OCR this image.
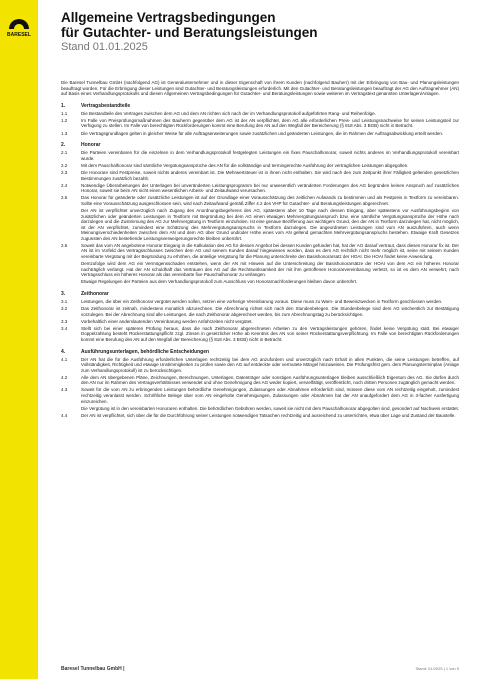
BARESEL
Allgemeine Vertragsbedingungen
für Gutachter- und Beratungsleistungen
Stand 01.01.2025
Die Baresel Tunnelbau GmbH (nachfolgend AG) ist Generalunternehmer und in dieser Eigenschaft von ihrem Kunden (nachfolgend Bauherr) mit der Erbringung von Bau- und Planungsleistungen beauftragt worden. Für die Erbringung dieser Leistungen sind Gutachter- und Beratungsleistungen erforderlich. Mit den Gutachter- und Beratungsleistungen beauftragt der AG den Auftragnehmer (AN) auf Basis eines Verhandlungsprotokolls und diesen Allgemeinen Vertragsbedingungen für Gutachter- und Beratungsleistungen sowie weiteren im Vertragstext genannten Unterlagen/Anlagen.
1.	Vertragsbestandteile
1.1	Die Bestandteile des Vertrages zwischen dem AG und dem AN richten sich nach der im Verhandlungsprotokoll aufgeführten Rang- und Reihenfolge.
1.2	Im Falle von Preisprüfungsmaßnahmen des Bauherrn gegenüber dem AG ist der AN verpflichtet, dem AG alle erforderlichen Preis- und Leistungsnachweise für seinen Leistungsteil zur Verfügung zu stellen. Im Falle von berechtigten Rückforderungen kommt eine Berufung des AN auf den Wegfall der Bereicherung (§ 818 Abs. 3 BGB) nicht in Betracht.
1.3	Die Vertragsgrundlagen gelten in gleicher Weise für alle Auftragserweiterungen sowie zusätzlichen und geänderten Leistungen, die im Rahmen der Auftragsabwicklung erteilt werden.
2.	Honorar
2.1	Die Parteien vereinbaren für die einzelnen in dem Verhandlungsprotokoll festgelegten Leistungen ein fixes Pauschalhonorar, soweit nichts anderes im Verhandlungsprotokoll vereinbart wurde.
2.2	Mit dem Pauschalhonorar sind sämtliche Vergütungsansprüche des AN für die vollständige und termingerechte Ausführung der vertraglichen Leistungen abgegolten.
2.3	Die Honorare sind Festpreise, soweit nichts anderes vereinbart ist. Die Mehrwertsteuer ist in ihnen nicht enthalten. Sie wird nach den zum Zeitpunkt ihrer Fälligkeit geltenden gesetzlichen Bestimmungen zusätzlich bezahlt.
2.4	Notwendige Überarbeitungen der Unterlagen bei unveränderten Leistungsprogramm bei nur unwesentlich veränderten Forderungen des AG begründen keinen Anspruch auf zusätzliches Honorar, soweit sie beim AN nicht einen wesentlichen Arbeits- und Zeitaufwand verursachen.
2.5	Das Honorar für geänderte oder zusätzliche Leistungen ist auf der Grundlage einer Vorausschätzung des zeitlichen Aufwands zu bestimmen und als Festpreis in Textform zu vereinbaren. Sollte eine Vorausschätzung ausgeschlossen sein, wird nach Zeitaufwand gemäß Ziffer 4.2 des VHP für Gutachter- und Beratungsleistungen abgerechnet.
Der AN ist verpflichtet unverzüglich nach Zugang des Anordnungsbegehrens des AG, spätestens aber 10 Tage nach dessen Eingang, aber spätestens vor Ausführungsbeginn von zusätzlichen oder geänderten Leistungen in Textform mit Begründung bei dem AG einen etwaigen Mehrvergütungsanspruch bzw. eine sämtliche Vergütungsansprüche der Höhe nach darzulegen und die Zustimmung des AG zur Mehrvergütung in Textform einzuholen. Ist eine genaue Bezifferung aus wichtigem Grund, den der AN in Textform darzulegen hat, nicht möglich, ist der AN verpflichtet, zumindest eine Schätzung des Mehrvergütungsanspruchs in Textform darzulegen. Die angeordneten Leistungen sind vom AN auszuführen, auch wenn Meinungsverschiedenheiten zwischen dem AN und dem AG über Grund und/oder Höhe eines vom AN geltend gemachten Mehrvergütungsanspruchs bestehen. Etwaige Kraft Gesetzes zugunsten des AN bestehende Leistungsverweigerungsrechte bleiben unberührt.
2.6	Soweit das vom AN angebotene Honorar Eingang in die Kalkulation des AG für dessen Angebot bei dessen Kunden gefunden hat, hat der AG darauf vertraut, dass dieses Honorar fix ist. Der AN ist im Vorfeld des Vertragsschlusses zwischen dem AG und seinem Kunden darauf hingewiesen worden, dass es dem AG rechtlich nicht mehr möglich ist, seine mit seinem Kunden vereinbarte Vergütung mit der Begründung zu erhöhen, die anteilige Vergütung für die Planung unterschreite den Basishonorarsatz der HOAI. Die HOAI findet keine Anwendung.
Demzufolge wird dem AG ein Vermögensschaden entstehen, wenn der AN mit Hinweis auf die Unterschreitung der Basishonorarsätze der HOAI von dem AG ein höheres Honorar nachträglich verlangt. Hat der AN schuldhaft das Vertrauen des AG auf die Rechtswirksamkeit der mit ihm getroffenen Honorarvereinbarung verletzt, so ist es dem AN verwehrt, nach Vertragsschluss ein höheres Honorar als das vereinbarte fixe Pauschalhonorar zu verlangen.
Etwaige Regelungen der Parteien aus dem Verhandlungsprotokoll zum Ausschluss von Honorarnachforderungen bleiben davon unberührt.
3.	Zeithonorar
3.1	Leistungen, die über ein Zeithonorar vergütet werden sollen, setzen eine vorherige Vereinbarung voraus. Diese muss zu Warn- und Beweiszwecken in Textform geschlossen werden.
3.2	Das Zeithonorar ist zeitnah, mindestens monatlich abzurechnen. Die Abrechnung richtet sich nach den Stundenbelegen. Die Stundenbelege sind dem AG wöchentlich zur Bestätigung vorzulegen. Bei der Abrechnung sind alle Leistungen, die nach Zeithonorar abgerechnet werden, bis zum Abrechnungstag zu berücksichtigen.
3.3	Vorbehaltlich einer anderslautenden Vereinbarung werden Anfahrzeiten nicht vergütet.
3.4	Stellt sich bei einer späteren Prüfung heraus, dass die nach Zeithonorar abgerechneten Arbeiten zu den Vertragsleistungen gehören, findet keine Vergütung statt. Bei etwaiger Doppelzahlung besteht Rückerstattungspflicht zzgl. Zinsen in gesetzlicher Höhe ab Kenntnis des AN von seiner Rückerstattungsverpflichtung. Im Falle von berechtigten Rückforderungen kommt eine Berufung des AN auf den Wegfall der Bereicherung (§ 818 Abs. 3 BGB) nicht in Betracht.
4.	Ausführungsunterlagen, behördliche Entscheidungen
4.1	Der AN hat die für die Ausführung erforderlichen Unterlagen rechtzeitig bei dem AG anzufordern und unverzüglich nach Erhalt in allen Punkten, die seine Leistungen betreffen, auf Vollständigkeit, Richtigkeit und etwaige Unstimmigkeiten zu prüfen sowie den AG auf entdeckte oder vermutete Mängel hinzuweisen. Die Prüfungsfrist gem. dem Planungsterminplan (Anlage zum Verhandlungsprotokoll) ist zu berücksichtigen.
4.2	Alle dem AN übergebenen Pläne, Zeichnungen, Berechnungen, Unterlagen, Datenträger oder sonstigen Ausführungsunterlagen bleiben ausschließlich Eigentum des AG. Sie dürfen durch den AN nur im Rahmen des Vertragsverhältnisses verwendet und ohne Genehmigung des AG weder kopiert, vervielfältigt, veröffentlicht, noch dritten Personen zugänglich gemacht werden.
4.3	Soweit für die vom AN zu erbringenden Leistungen behördliche Genehmigungen, Zulassungen oder Abnahmen erforderlich sind, müssen diese vom AN rechtzeitig eingeholt, zumindest rechtzeitig veranlasst werden. Schriftliche Belege über vom AN eingeholte Genehmigungen, Zulassungen oder Abnahmen hat der AN unaufgefordert dem AG in 3-facher Ausfertigung einzureichen.
Die Vergütung ist in den vereinbarten Honoraren enthalten. Die behördlichen Gebühren werden, soweit sie nicht mit dem Pauschalhonorar abgegolten sind, gesondert auf Nachweis erstattet.
4.4	Der AN ist verpflichtet, sich über die für die Durchführung seiner Leistungen notwendigen Tatsachen rechtzeitig und ausreichend zu unterrichten, etwa über Lage und Zustand der Baustelle.
Baresel Tunnelbau GmbH |	Stand: 01/2025 | 1 von 5
